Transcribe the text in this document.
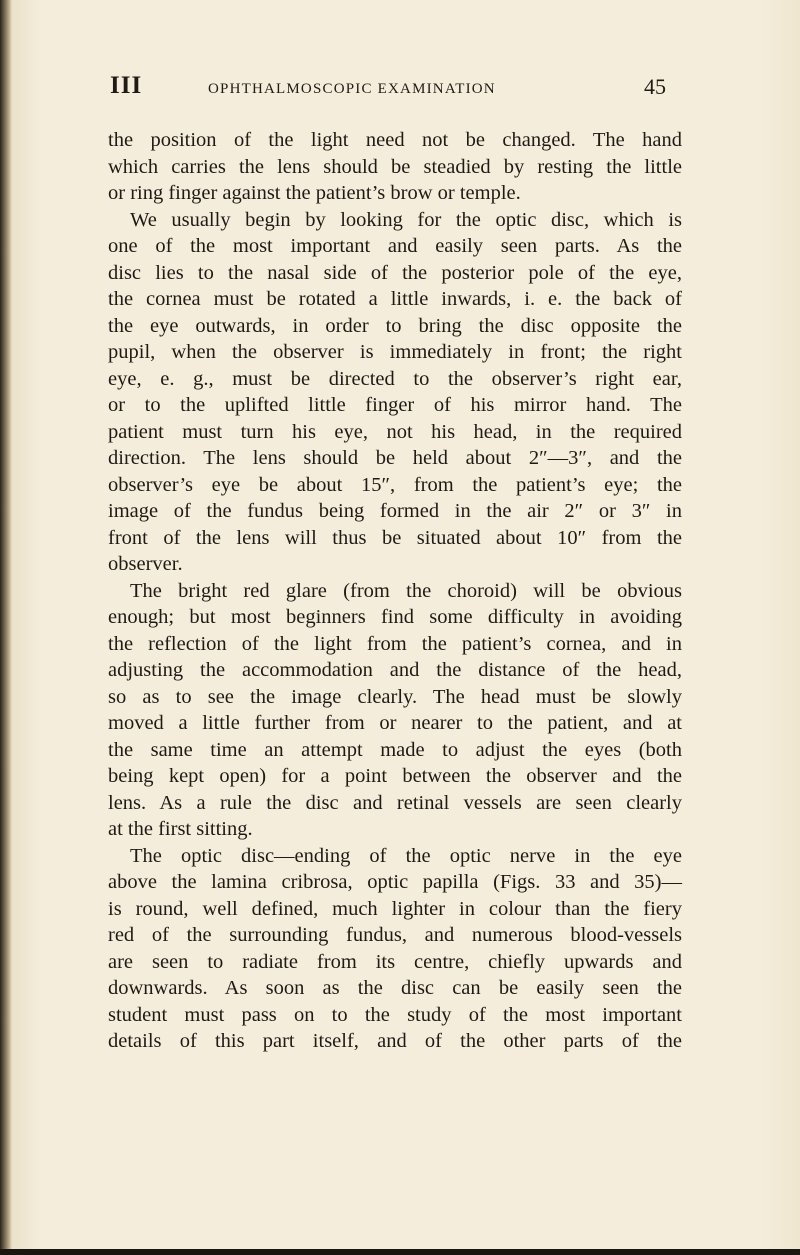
III	OPHTHALMOSCOPIC EXAMINATION	45
the position of the light need not be changed. The hand
which carries the lens should be steadied by resting the little
or ring finger against the patient’s brow or temple.
We usually begin by looking for the optic disc, which is
one of the most important and easily seen parts. As the
disc lies to the nasal side of the posterior pole of the eye,
the cornea must be rotated a little inwards, i. e. the back of
the eye outwards, in order to bring the disc opposite the
pupil, when the observer is immediately in front; the right
eye, e. g., must be directed to the observer’s right ear,
or to the uplifted little finger of his mirror hand. The
patient must turn his eye, not his head, in the required
direction. The lens should be held about 2″—3″, and the
observer’s eye be about 15″, from the patient’s eye; the
image of the fundus being formed in the air 2″ or 3″ in
front of the lens will thus be situated about 10″ from the
observer.
The bright red glare (from the choroid) will be obvious
enough; but most beginners find some difficulty in avoiding
the reflection of the light from the patient’s cornea, and in
adjusting the accommodation and the distance of the head,
so as to see the image clearly. The head must be slowly
moved a little further from or nearer to the patient, and at
the same time an attempt made to adjust the eyes (both
being kept open) for a point between the observer and the
lens. As a rule the disc and retinal vessels are seen clearly
at the first sitting.
The optic disc—ending of the optic nerve in the eye
above the lamina cribrosa, optic papilla (Figs. 33 and 35)—
is round, well defined, much lighter in colour than the fiery
red of the surrounding fundus, and numerous blood-vessels
are seen to radiate from its centre, chiefly upwards and
downwards. As soon as the disc can be easily seen the
student must pass on to the study of the most important
details of this part itself, and of the other parts of the
